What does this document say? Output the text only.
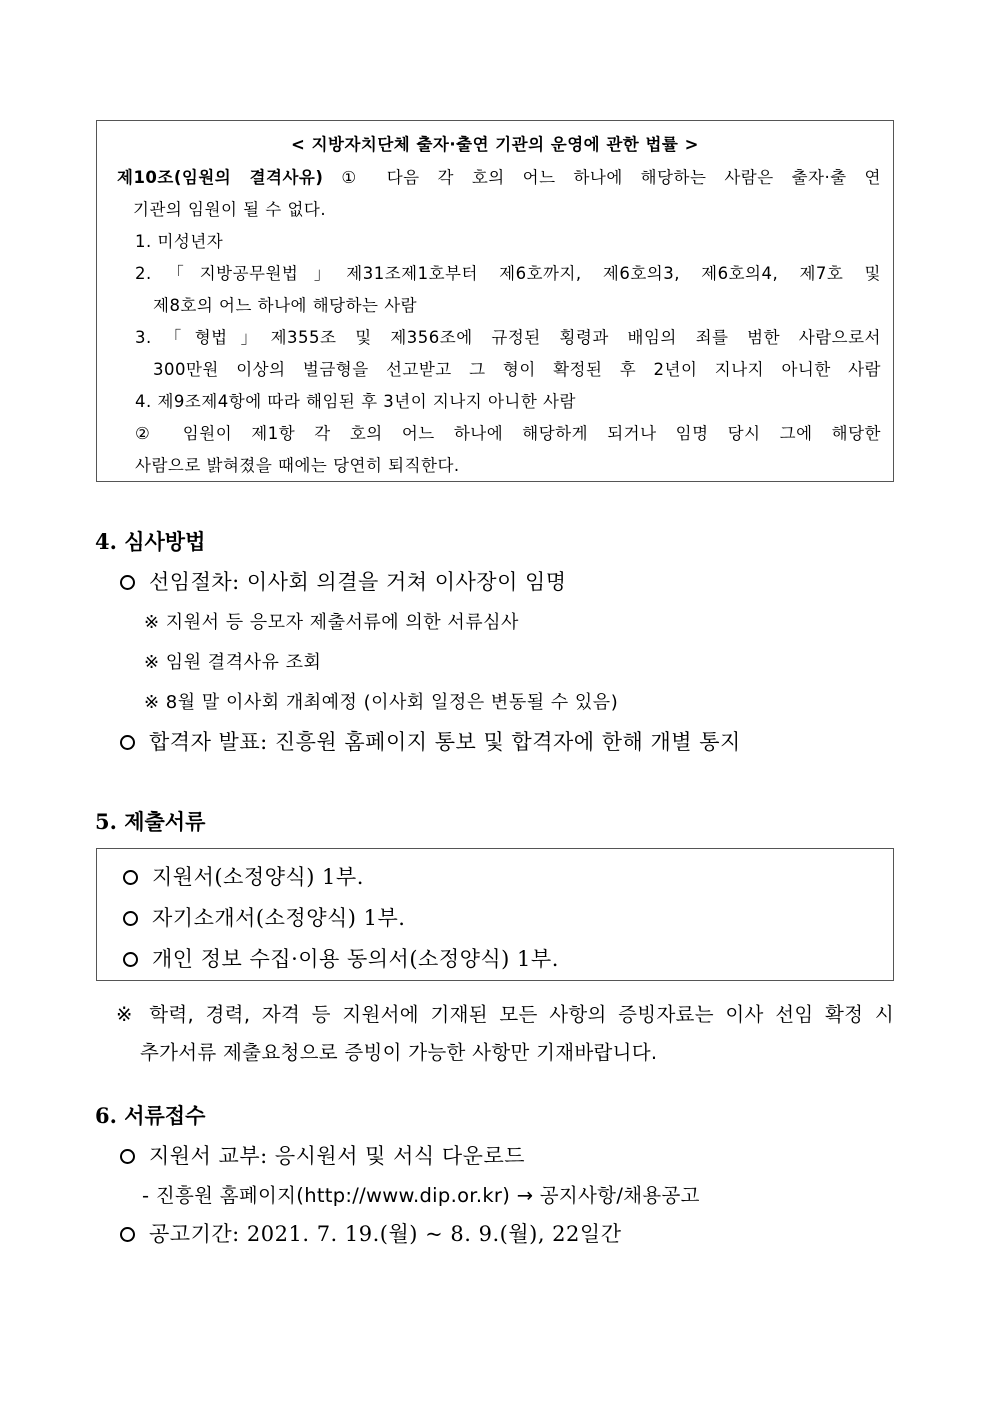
< 지방자치단체 출자·출연 기관의 운영에 관한 법률 >
제10조(임원의 결격사유) ① 다음 각 호의 어느 하나에 해당하는 사람은 출자·출 연
기관의 임원이 될 수 없다.
1. 미성년자
2.「지방공무원법」제31조제1호부터 제6호까지, 제6호의3, 제6호의4, 제7호 및
제8호의 어느 하나에 해당하는 사람
3.「형법」제355조 및 제356조에 규정된 횡령과 배임의 죄를 범한 사람으로서
300만원 이상의 벌금형을 선고받고 그 형이 확정된 후 2년이 지나지 아니한 사람
4. 제9조제4항에 따라 해임된 후 3년이 지나지 아니한 사람
② 임원이 제1항 각 호의 어느 하나에 해당하게 되거나 임명 당시 그에 해당한
사람으로 밝혀졌을 때에는 당연히 퇴직한다.
4. 심사방법
선임절차: 이사회 의결을 거쳐 이사장이 임명
※ 지원서 등 응모자 제출서류에 의한 서류심사
※ 임원 결격사유 조회
※ 8월 말 이사회 개최예정 (이사회 일정은 변동될 수 있음)
합격자 발표: 진흥원 홈페이지 통보 및 합격자에 한해 개별 통지
5. 제출서류
지원서(소정양식) 1부.
자기소개서(소정양식) 1부.
개인 정보 수집·이용 동의서(소정양식) 1부.
※ 학력, 경력, 자격 등 지원서에 기재된 모든 사항의 증빙자료는 이사 선임 확정 시
추가서류 제출요청으로 증빙이 가능한 사항만 기재바랍니다.
6. 서류접수
지원서 교부: 응시원서 및 서식 다운로드
- 진흥원 홈페이지(http://www.dip.or.kr) → 공지사항/채용공고
공고기간: 2021. 7. 19.(월) ~ 8. 9.(월), 22일간
